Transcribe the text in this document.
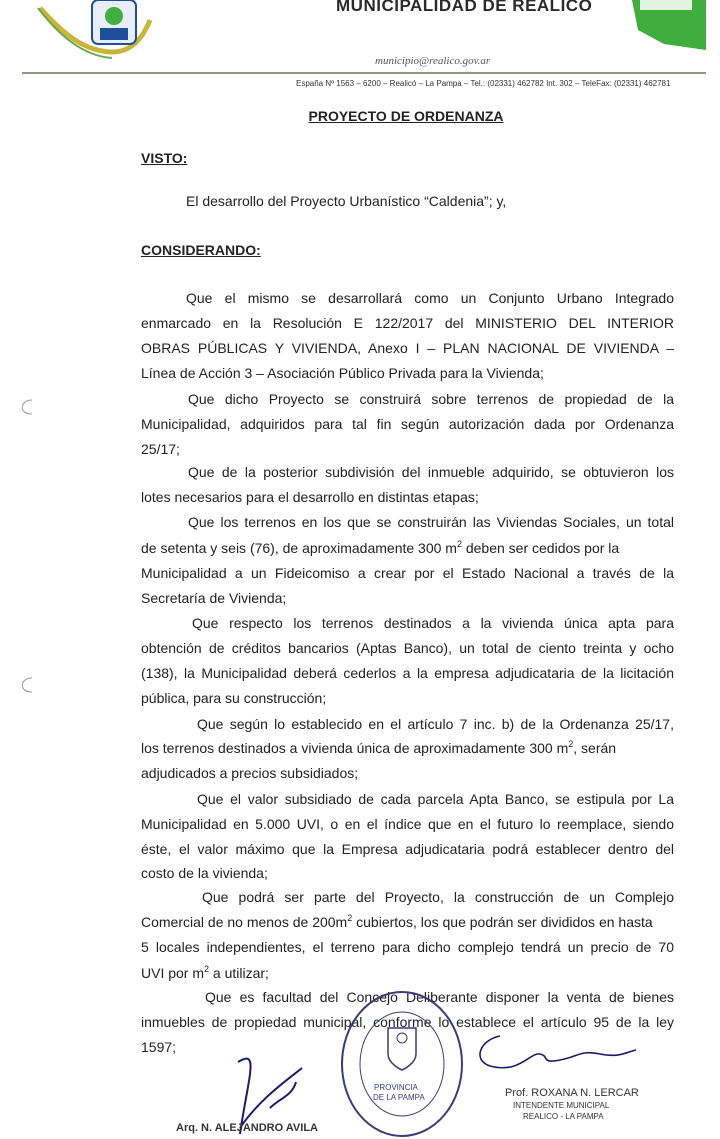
MUNICIPALIDAD DE REALICO
municipio@realico.gov.ar
España Nº 1563 – 6200 – Realicó – La Pampa – Tel.: (02331) 462782 Int. 302 – TeleFax: (02331) 462781
PROYECTO DE ORDENANZA
VISTO:
El desarrollo del Proyecto Urbanístico “Caldenia”; y,
CONSIDERANDO:
Que el mismo se desarrollará como un Conjunto Urbano Integrado
enmarcado en la Resolución E 122/2017 del MINISTERIO DEL INTERIOR
OBRAS PÚBLICAS Y VIVIENDA, Anexo I – PLAN NACIONAL DE VIVIENDA –
Línea de Acción 3 – Asociación Público Privada para la Vivienda;
Que dicho Proyecto se construirá sobre terrenos de propiedad de la
Municipalidad, adquiridos para tal fin según autorización dada por Ordenanza
25/17;
Que de la posterior subdivisión del inmueble adquirido, se obtuvieron los
lotes necesarios para el desarrollo en distintas etapas;
Que los terrenos en los que se construirán las Viviendas Sociales, un total
de setenta y seis (76), de aproximadamente 300 $m^2$ deben ser cedidos por la
Municipalidad a un Fideicomiso a crear por el Estado Nacional a través de la
Secretaría de Vivienda;
Que respecto los terrenos destinados a la vivienda única apta para
obtención de créditos bancarios (Aptas Banco), un total de ciento treinta y ocho
(138), la Municipalidad deberá cederlos a la empresa adjudicataria de la licitación
pública, para su construcción;
Que según lo establecido en el artículo 7 inc. b) de la Ordenanza 25/17,
los terrenos destinados a vivienda única de aproximadamente 300 $m^2$, serán
adjudicados a precios subsidiados;
Que el valor subsidiado de cada parcela Apta Banco, se estipula por La
Municipalidad en 5.000 UVI, o en el índice que en el futuro lo reemplace, siendo
éste, el valor máximo que la Empresa adjudicataria podrá establecer dentro del
costo de la vivienda;
Que podrá ser parte del Proyecto, la construcción de un Complejo
Comercial de no menos de $200m^2$ cubiertos, los que podrán ser divididos en hasta
5 locales independientes, el terreno para dicho complejo tendrá un precio de 70
UVI por $m^2$ a utilizar;
Que es facultad del Concejo Deliberante disponer la venta de bienes
inmuebles de propiedad municipal, conforme lo establece el artículo 95 de la ley
1597;
Arq. N. ALEJANDRO AVILA
PROVINCIA
DE LA PAMPA	Prof. ROXANA N. LERCAR
INTENDENTE MUNICIPAL
REALICO - LA PAMPA
